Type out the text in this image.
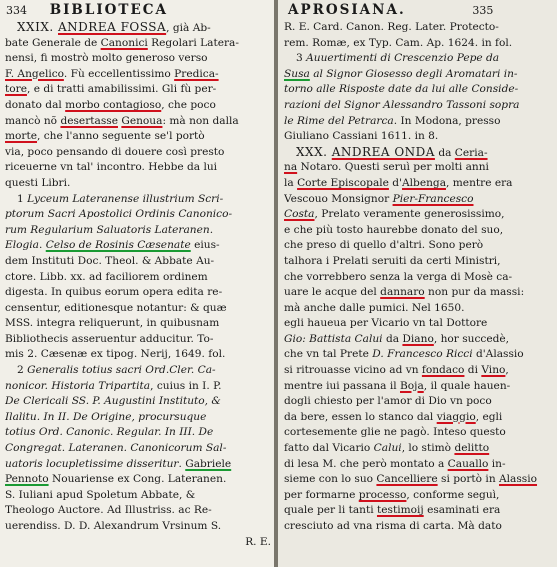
334 BIBLIOTECA
XXIX. ANDREA FOSSA, già Ab-
bate Generale de Canonici Regolari Latera-
nensi, fi mostrò molto generoso verso
F. Angelico. Fù eccellentissimo Predica-
tore, e di tratti amabilissimi. Gli fù per-
donato dal morbo contagioso, che poco
mancò nõ desertasse Genoua: mà non dalla
morte, che l'anno seguente se'l portò
via, poco pensando di douere così presto
riceuerne vn tal' incontro. Hebbe da lui
questi Libri.
1 Lyceum Lateranense illustrium Scri-
ptorum Sacri Apostolici Ordinis Canonico-
rum Regularium Saluatoris Lateranen.
Elogia. Celso de Rosinis Cæsenate eius-
dem Instituti Doc. Theol. & Abbate Au-
ctore. Libb. xx. ad faciliorem ordinem
digesta. In quibus eorum opera edita re-
censentur, editionesque notantur: & quæ
MSS. integra reliquerunt, in quibusnam
Bibliothecis asseruentur adducitur. To-
mis 2. Cæsenæ ex tipog. Nerij, 1649. fol.
2 Generalis totius sacri Ord.Cler. Ca-
nonicor. Historia Tripartita, cuius in I. P.
De Clericali SS. P. Augustini Instituto, &
Ilalitu. In II. De Origine, procursuque
totius Ord. Canonic. Regular. In III. De
Congregat. Lateranen. Canonicorum Sal-
uatoris locupletissime disseritur. Gabriele
Pennoto Nouariense ex Cong. Lateranen.
S. Iuliani apud Spoletum Abbate, &
Theologo Auctore. Ad Illustriss. ac Re-
uerendiss. D. D. Alexandrum Vrsinum S.
R. E.
APROSIANA.	335
R. E. Card. Canon. Reg. Later. Protecto-
rem. Romæ, ex Typ. Cam. Ap. 1624. in fol.
3 Auuertimenti di Crescenzio Pepe da
Susa al Signor Giosesso degli Aromatari in-
torno alle Risposte date da lui alle Conside-
razioni del Signor Alessandro Tassoni sopra
le Rime del Petrarca. In Modona, presso
Giuliano Cassiani 1611. in 8.
XXX. ANDREA ONDA da Ceria-
na Notaro. Questi seruì per molti anni
la Corte Episcopale d'Albenga, mentre era
Vescouo Monsignor Pier-Francesco
Costa, Prelato veramente generosissimo,
e che più tosto haurebbe donato del suo,
che preso di quello d'altri. Sono però
talhora i Prelati seruiti da certi Ministri,
che vorrebbero senza la verga di Mosè ca-
uare le acque del dannaro non pur da massi:
mà anche dalle pumici. Nel 1650.
egli haueua per Vicario vn tal Dottore
Gio: Battista Calui da Diano, hor succedè,
che vn tal Prete D. Francesco Ricci d'Alassio
si ritrouasse vicino ad vn fondaco di Vino,
mentre iui passana il Boja, il quale hauen-
dogli chiesto per l'amor di Dio vn poco
da bere, essen lo stanco dal viaggio, egli
cortesemente glie ne pagò. Inteso questo
fatto dal Vicario Calui, lo stimò delitto
di lesa M. che però montato a Cauallo in-
sieme con lo suo Cancelliere si portò in Alassio
per formarne processo, conforme seguì,
quale per li tanti testimoij esaminati era
cresciuto ad vna risma di carta. Mà dato
